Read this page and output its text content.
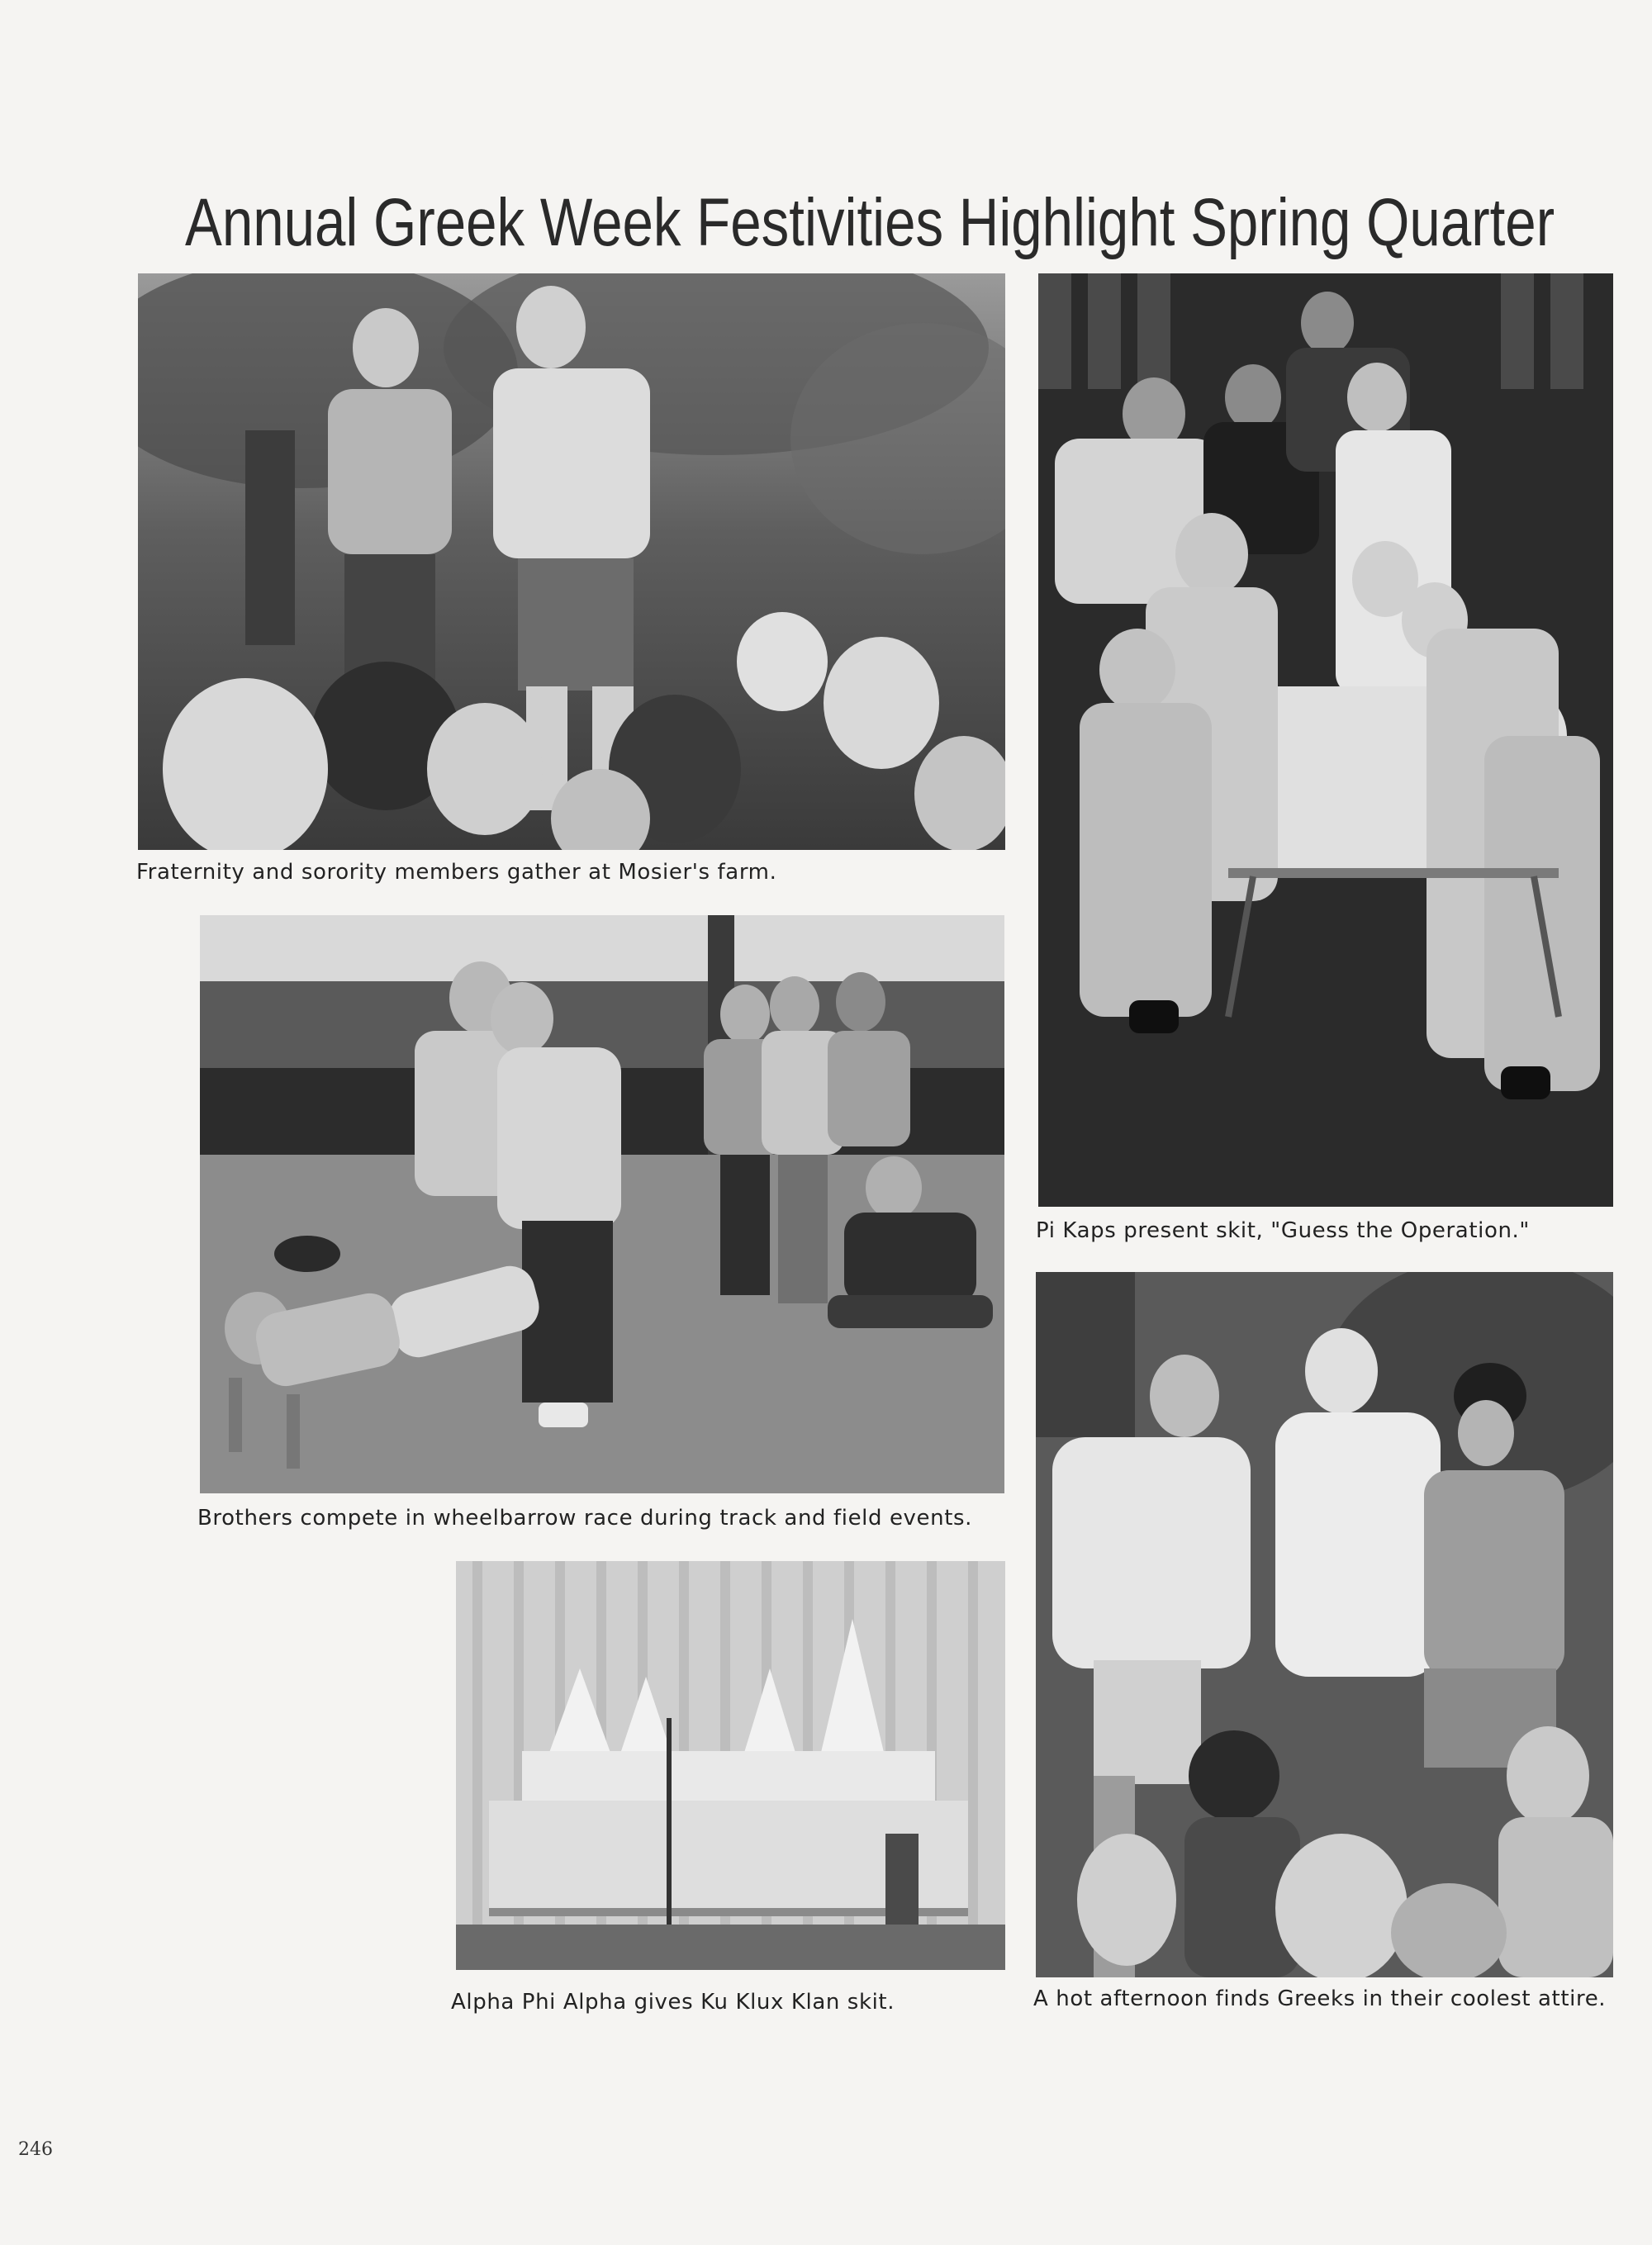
Annual Greek Week Festivities Highlight Spring Quarter
Fraternity and sorority members gather at Mosier's farm.
Pi Kaps present skit, "Guess the Operation."
Brothers compete in wheelbarrow race during track and field events.
A hot afternoon finds Greeks in their coolest attire.
Alpha Phi Alpha gives Ku Klux Klan skit.
246
